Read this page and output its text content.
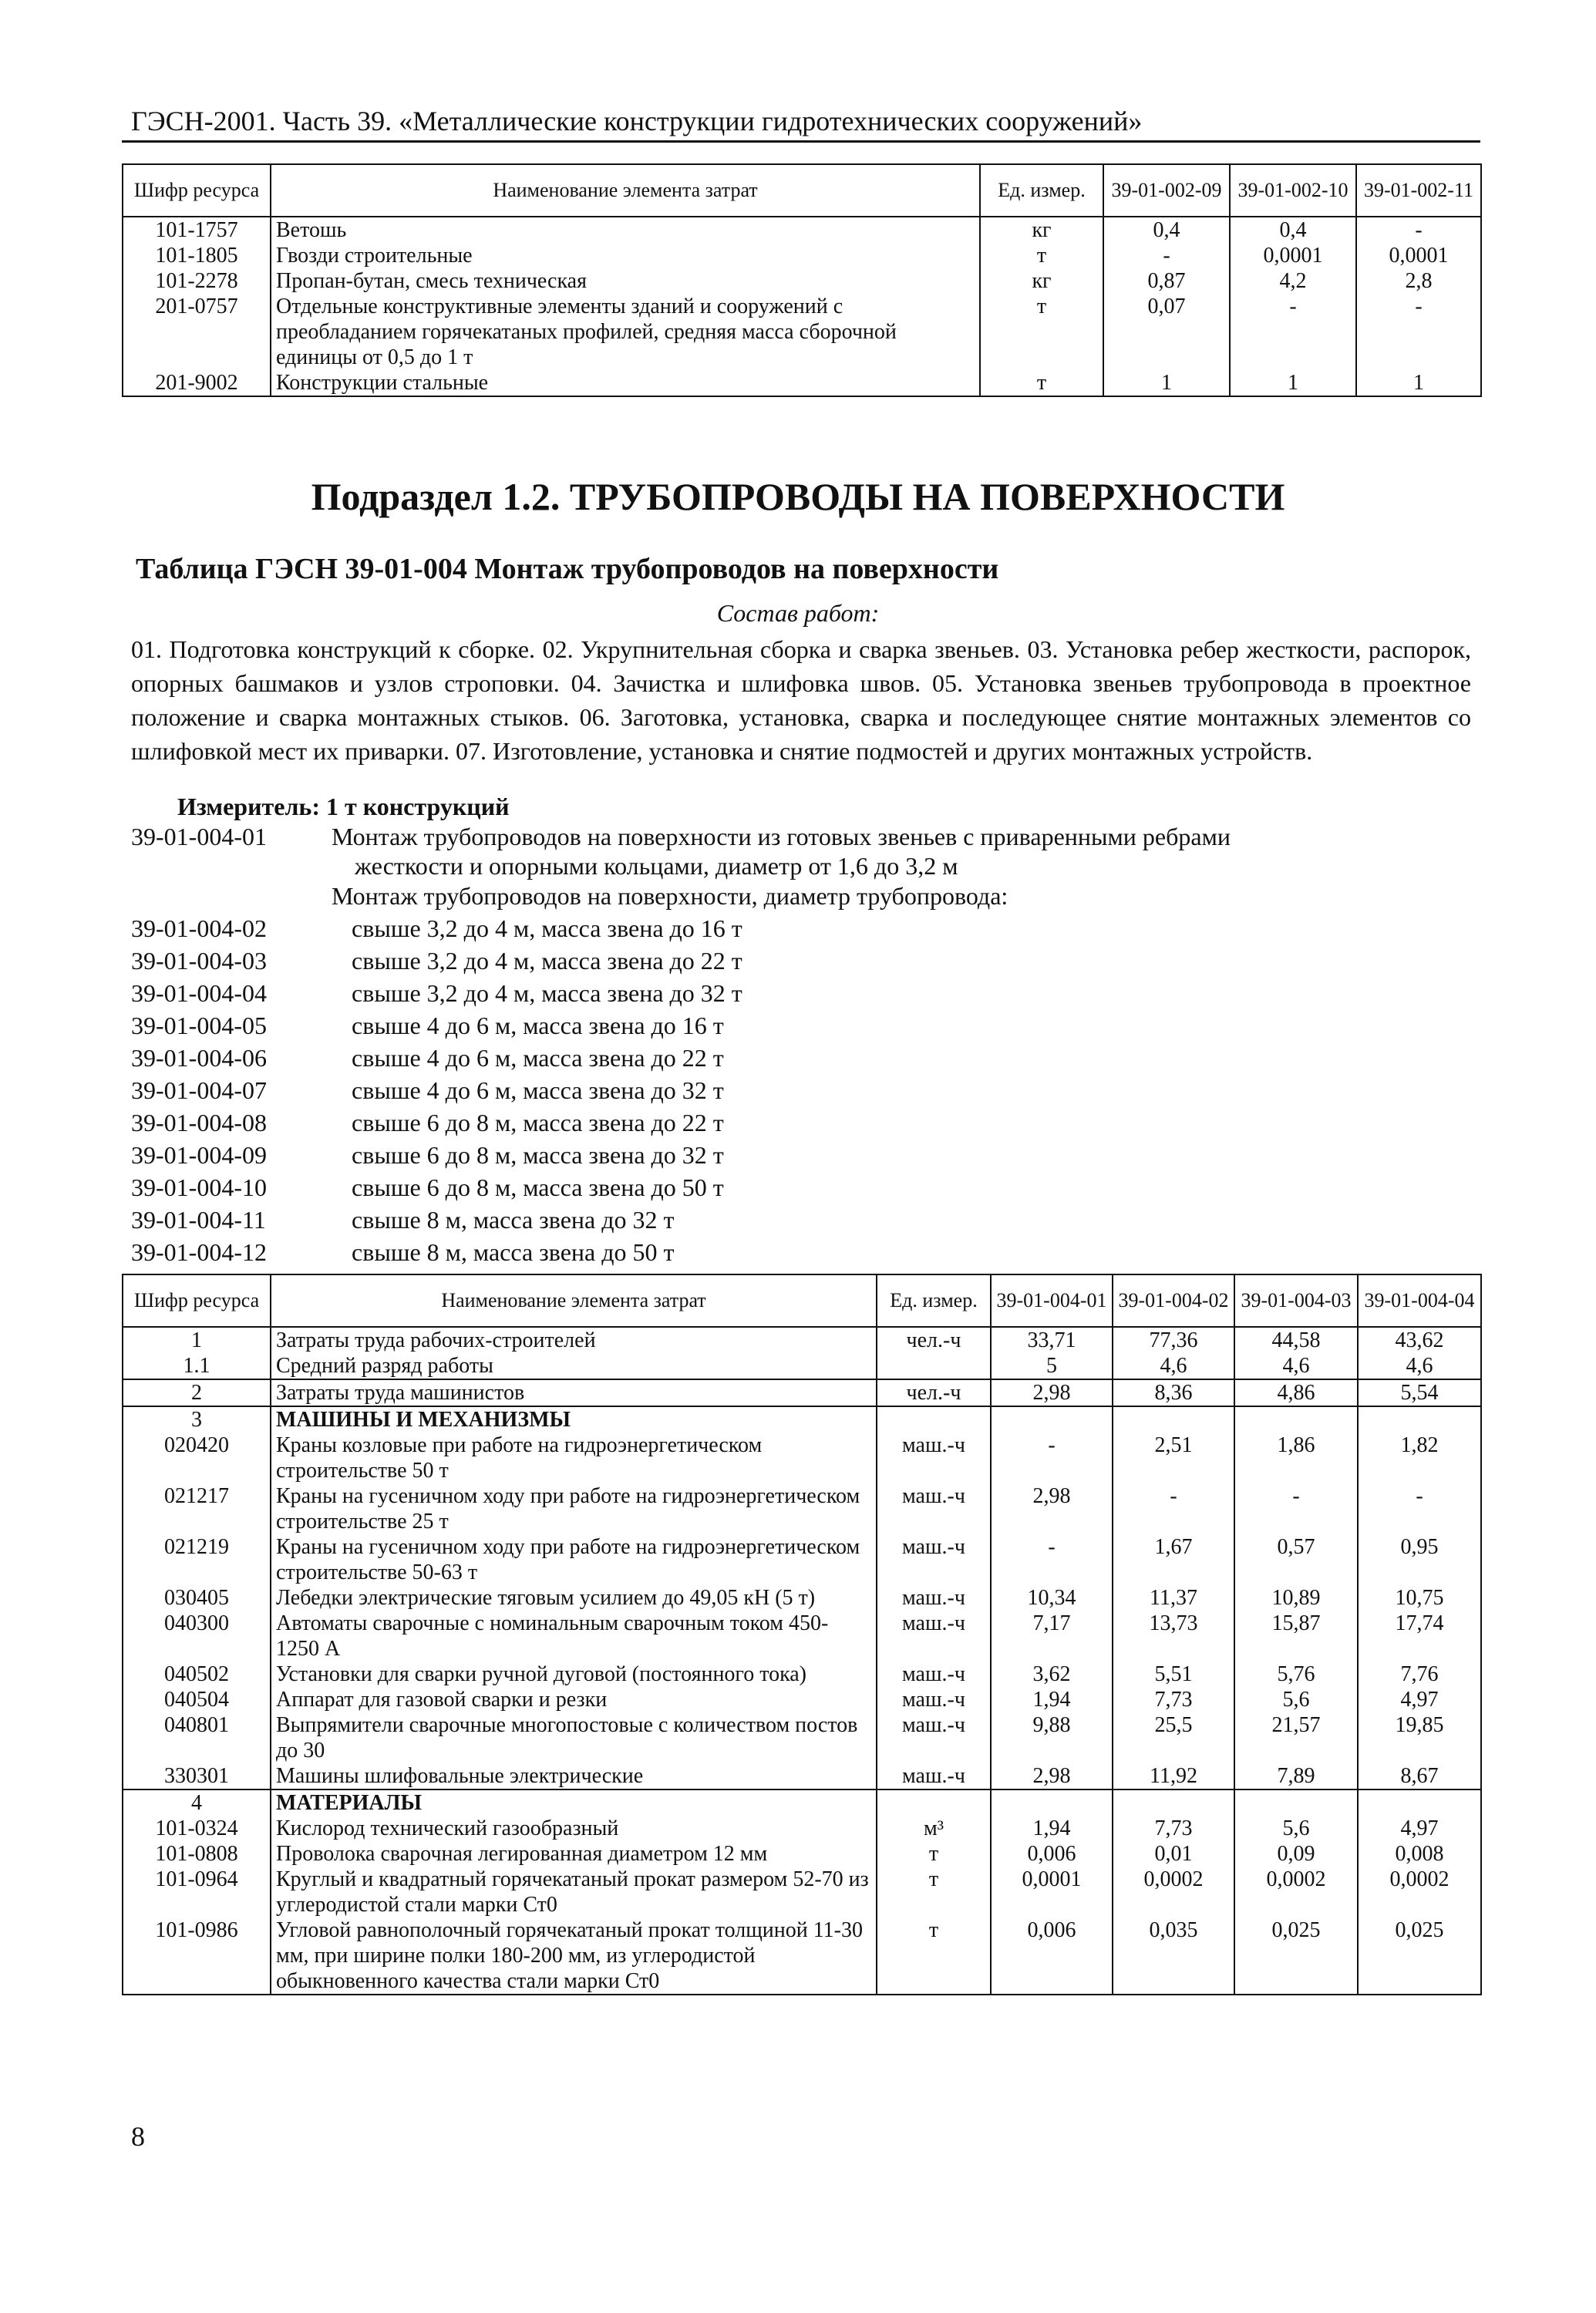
ГЭСН-2001. Часть 39. «Металлические конструкции гидротехнических сооружений»
Шифр ресурса	Наименование элемента затрат	Ед. измер.	39-01-002-09	39-01-002-10	39-01-002-11
101-1757	Ветошь	кг	0,4	0,4	-
101-1805	Гвозди строительные	т	-	0,0001	0,0001
101-2278	Пропан-бутан, смесь техническая	кг	0,87	4,2	2,8
201-0757	Отдельные конструктивные элементы зданий и сооружений с преобладанием горячекатаных профилей, средняя масса сборочной единицы от 0,5 до 1 т	т	0,07	-	-
201-9002	Конструкции стальные	т	1	1	1
Подраздел 1.2. ТРУБОПРОВОДЫ НА ПОВЕРХНОСТИ
Таблица ГЭСН 39-01-004 Монтаж трубопроводов на поверхности
Состав работ:
01. Подготовка конструкций к сборке. 02. Укрупнительная сборка и сварка звеньев. 03. Установка ребер жесткости, распорок, опорных башмаков и узлов строповки. 04. Зачистка и шлифовка швов. 05. Установка звеньев трубопровода в проектное положение и сварка монтажных стыков. 06. Заготовка, установка, сварка и последующее снятие монтажных элементов со шлифовкой мест их приварки. 07. Изготовление, установка и снятие подмостей и других монтажных устройств.
Измеритель: 1 т конструкций
39-01-004-01	Монтаж трубопроводов на поверхности из готовых звеньев с приваренными ребрами
жесткости и опорными кольцами, диаметр от 1,6 до 3,2 м
Монтаж трубопроводов на поверхности, диаметр трубопровода:
39-01-004-02	свыше 3,2 до 4 м, масса звена до 16 т
39-01-004-03	свыше 3,2 до 4 м, масса звена до 22 т
39-01-004-04	свыше 3,2 до 4 м, масса звена до 32 т
39-01-004-05	свыше 4 до 6 м, масса звена до 16 т
39-01-004-06	свыше 4 до 6 м, масса звена до 22 т
39-01-004-07	свыше 4 до 6 м, масса звена до 32 т
39-01-004-08	свыше 6 до 8 м, масса звена до 22 т
39-01-004-09	свыше 6 до 8 м, масса звена до 32 т
39-01-004-10	свыше 6 до 8 м, масса звена до 50 т
39-01-004-11	свыше 8 м, масса звена до 32 т
39-01-004-12	свыше 8 м, масса звена до 50 т
Шифр ресурса	Наименование элемента затрат	Ед. измер.	39-01-004-01	39-01-004-02	39-01-004-03	39-01-004-04
1	Затраты труда рабочих-строителей	чел.-ч	33,71	77,36	44,58	43,62
1.1	Средний разряд работы		5	4,6	4,6	4,6
2	Затраты труда машинистов	чел.-ч	2,98	8,36	4,86	5,54
3	МАШИНЫ И МЕХАНИЗМЫ					
020420	Краны козловые при работе на гидроэнергетическом строительстве 50 т	маш.-ч	-	2,51	1,86	1,82
021217	Краны на гусеничном ходу при работе на гидроэнергетическом строительстве 25 т	маш.-ч	2,98	-	-	-
021219	Краны на гусеничном ходу при работе на гидроэнергетическом строительстве 50-63 т	маш.-ч	-	1,67	0,57	0,95
030405	Лебедки электрические тяговым усилием до 49,05 кН (5 т)	маш.-ч	10,34	11,37	10,89	10,75
040300	Автоматы сварочные с номинальным сварочным током 450-1250 А	маш.-ч	7,17	13,73	15,87	17,74
040502	Установки для сварки ручной дуговой (постоянного тока)	маш.-ч	3,62	5,51	5,76	7,76
040504	Аппарат для газовой сварки и резки	маш.-ч	1,94	7,73	5,6	4,97
040801	Выпрямители сварочные многопостовые с количеством постов до 30	маш.-ч	9,88	25,5	21,57	19,85
330301	Машины шлифовальные электрические	маш.-ч	2,98	11,92	7,89	8,67
4	МАТЕРИАЛЫ					
101-0324	Кислород технический газообразный	м³	1,94	7,73	5,6	4,97
101-0808	Проволока сварочная легированная диаметром 12 мм	т	0,006	0,01	0,09	0,008
101-0964	Круглый и квадратный горячекатаный прокат размером 52-70 из углеродистой стали марки Ст0	т	0,0001	0,0002	0,0002	0,0002
101-0986	Угловой равнополочный горячекатаный прокат толщиной 11-30 мм, при ширине полки 180-200 мм, из углеродистой обыкновенного качества стали марки Ст0	т	0,006	0,035	0,025	0,025
8
